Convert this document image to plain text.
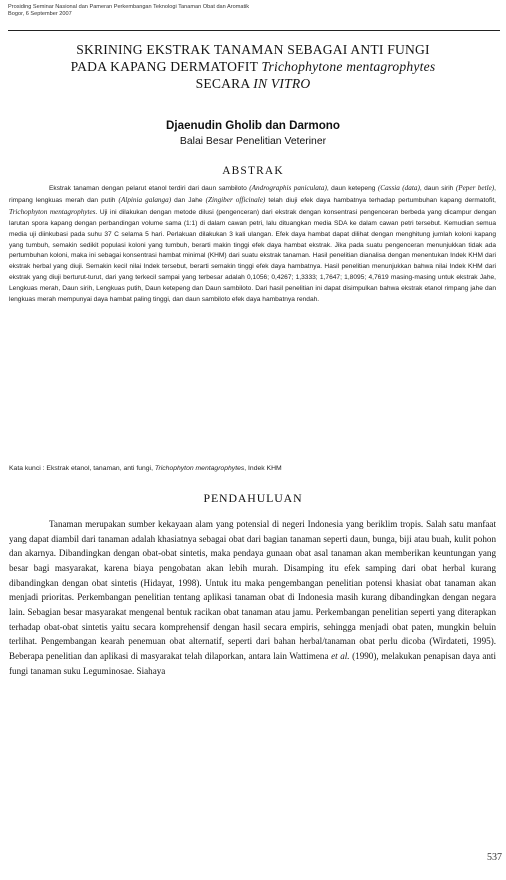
Prosiding Seminar Nasional dan Pameran Perkembangan Teknologi Tanaman Obat dan Aromatik
Bogor, 6 September 2007
SKRINING EKSTRAK TANAMAN SEBAGAI ANTI FUNGI
PADA KAPANG DERMATOFIT Trichophytone mentagrophytes
SECARA IN VITRO
Djaenudin Gholib dan Darmono
Balai Besar Penelitian Veteriner
ABSTRAK
Ekstrak tanaman dengan pelarut etanol terdiri dari daun sambiloto (Andrographis paniculata), daun ketepeng (Cassia (data), daun sirih (Peper betle), rimpang lengkuas merah dan putih (Alpinia galanga) dan Jahe (Zingiber officinale) telah diuji efek daya hambatnya terhadap pertumbuhan kapang dermatofit, Trichophyton mentagrophytes. Uji ini dilakukan dengan metode dilusi (pengenceran) dari ekstrak dengan konsentrasi pengenceran berbeda yang dicampur dengan larutan spora kapang dengan perbandingan volume sama (1:1) di dalam cawan petri, lalu dituangkan media SDA ke dalam cawan petri tersebut. Kemudian semua media uji diinkubasi pada suhu 37 C selama 5 hari. Perlakuan dilakukan 3 kali ulangan. Efek daya hambat dapat dilihat dengan menghitung jumlah koloni kapang yang tumbuh, semakin sedikit populasi koloni yang tumbuh, berarti makin tinggi efek daya hambat ekstrak. Jika pada suatu pengenceran menunjukkan tidak ada pertumbuhan koloni, maka ini sebagai konsentrasi hambat minimal (KHM) dari suatu ekstrak tanaman. Hasil penelitian dianalisa dengan menentukan Indek KHM dari ekstrak herbal yang diuji. Semakin kecil nilai Indek tersebut, berarti semakin tinggi efek daya hambatnya. Hasil penelitian menunjukkan bahwa nilai Indek KHM dari ekstrak yang diuji berturut-turut, dari yang terkecil sampai yang terbesar adalah 0,1056; 0,4267; 1,3333; 1,7647; 1,8095; 4,7619 masing-masing untuk ekstrak Jahe, Lengkuas merah, Daun sirih, Lengkuas putih, Daun ketepeng dan Daun sambiloto. Dari hasil penelitian ini dapat disimpulkan bahwa ekstrak etanol rimpang jahe dan lengkuas merah mempunyai daya hambat paling tinggi, dan daun sambiloto efek daya hambatnya rendah.
Kata kunci : Ekstrak etanol, tanaman, anti fungi, Trichophyton mentagrophytes, Indek KHM
PENDAHULUAN
Tanaman merupakan sumber kekayaan alam yang potensial di negeri Indonesia yang beriklim tropis. Salah satu manfaat yang dapat diambil dari tanaman adalah khasiatnya sebagai obat dari bagian tanaman seperti daun, bunga, biji atau buah, kulit pohon dan akarnya. Dibandingkan dengan obat-obat sintetis, maka pendaya gunaan obat asal tanaman akan memberikan keuntungan yang besar bagi masyarakat, karena biaya pengobatan akan lebih murah. Disamping itu efek samping dari obat herbal kurang dibandingkan dengan obat sintetis (Hidayat, 1998). Untuk itu maka pengembangan penelitian potensi khasiat obat tanaman akan menjadi prioritas. Perkembangan penelitian tentang aplikasi tanaman obat di Indonesia masih kurang dibandingkan dengan negara lain. Sebagian besar masyarakat mengenal bentuk racikan obat tanaman atau jamu. Perkembangan penelitian seperti yang diterapkan terhadap obat-obat sintetis yaitu secara komprehensif dengan hasil secara empiris, sehingga menjadi obat paten, mungkin beluin terlihat. Pengembangan kearah penemuan obat alternatif, seperti dari bahan herbal/tanaman obat perlu dicoba (Wirdateti, 1995). Beberapa penelitian dan aplikasi di masyarakat telah dilaporkan, antara lain Wattimena et al. (1990), melakukan penapisan daya anti fungi tanaman suku Leguminosae. Siahaya
537
